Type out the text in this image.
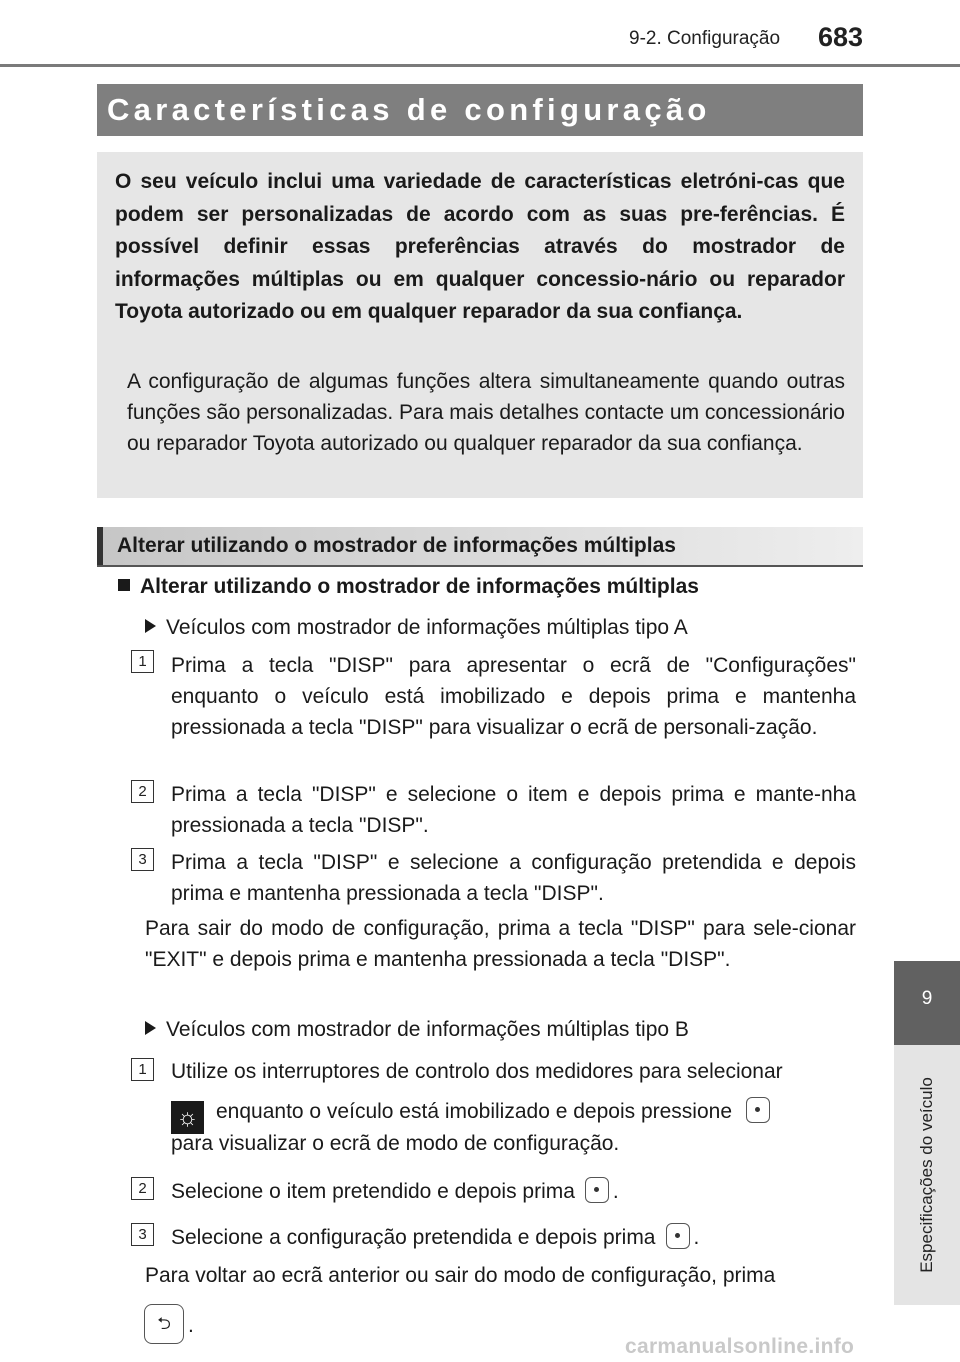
9-2. Configuração 683
Características de configuração
O seu veículo inclui uma variedade de características eletróni-cas que podem ser personalizadas de acordo com as suas pre-ferências. É possível definir essas preferências através do mostrador de informações múltiplas ou em qualquer concessio-nário ou reparador Toyota autorizado ou em qualquer reparador da sua confiança.
A configuração de algumas funções altera simultaneamente quando outras funções são personalizadas. Para mais detalhes contacte um concessionário ou reparador Toyota autorizado ou qualquer reparador da sua confiança.
Alterar utilizando o mostrador de informações múltiplas
Alterar utilizando o mostrador de informações múltiplas
Veículos com mostrador de informações múltiplas tipo A
1	Prima a tecla "DISP" para apresentar o ecrã de "Configurações" enquanto o veículo está imobilizado e depois prima e mantenha pressionada a tecla "DISP" para visualizar o ecrã de personali-zação.
2	Prima a tecla "DISP" e selecione o item e depois prima e mante-nha pressionada a tecla "DISP".
3	Prima a tecla "DISP" e selecione a configuração pretendida e depois prima e mantenha pressionada a tecla "DISP".
Para sair do modo de configuração, prima a tecla "DISP" para sele-cionar "EXIT" e depois prima e mantenha pressionada a tecla "DISP".
Veículos com mostrador de informações múltiplas tipo B
1	Utilize os interruptores de controlo dos medidores para selecionar
☼ enquanto o veículo está imobilizado e depois pressione
para visualizar o ecrã de modo de configuração.
2	Selecione o item pretendido e depois prima .
3	Selecione a configuração pretendida e depois prima .
Para voltar ao ecrã anterior ou sair do modo de configuração, prima
⮌ .
9
Especificações do veículo
carmanualsonline.info
